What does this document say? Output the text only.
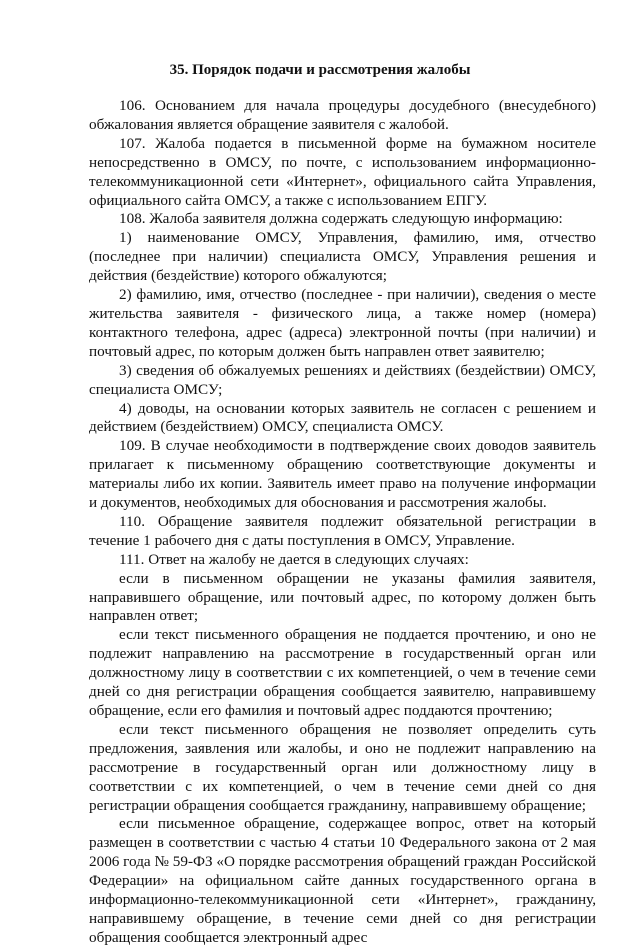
35. Порядок подачи и рассмотрения жалобы

106. Основанием для начала процедуры досудебного (внесудебного) обжалования является обращение заявителя с жалобой.

107. Жалоба подается в письменной форме на бумажном носителе непосредственно в ОМСУ, по почте, с использованием информационно-телекоммуникационной сети «Интернет», официального сайта Управления, официального сайта ОМСУ, а также с использованием ЕПГУ.

108. Жалоба заявителя должна содержать следующую информацию:

1) наименование ОМСУ, Управления, фамилию, имя, отчество (последнее при наличии) специалиста ОМСУ, Управления решения и действия (бездействие) которого обжалуются;

2) фамилию, имя, отчество (последнее - при наличии), сведения о месте жительства заявителя - физического лица, а также номер (номера) контактного телефона, адрес (адреса) электронной почты (при наличии) и почтовый адрес, по которым должен быть направлен ответ заявителю;

3) сведения об обжалуемых решениях и действиях (бездействии) ОМСУ, специалиста ОМСУ;

4) доводы, на основании которых заявитель не согласен с решением и действием (бездействием) ОМСУ, специалиста ОМСУ.

109. В случае необходимости в подтверждение своих доводов заявитель прилагает к письменному обращению соответствующие документы и материалы либо их копии. Заявитель имеет право на получение информации и документов, необходимых для обоснования и рассмотрения жалобы.

110. Обращение заявителя подлежит обязательной регистрации в течение 1 рабочего дня с даты поступления в ОМСУ, Управление.

111. Ответ на жалобу не дается в следующих случаях:

если в письменном обращении не указаны фамилия заявителя, направившего обращение, или почтовый адрес, по которому должен быть направлен ответ;

если текст письменного обращения не поддается прочтению, и оно не подлежит направлению на рассмотрение в государственный орган или должностному лицу в соответствии с их компетенцией, о чем в течение семи дней со дня регистрации обращения сообщается заявителю, направившему обращение, если его фамилия и почтовый адрес поддаются прочтению;

если текст письменного обращения не позволяет определить суть предложения, заявления или жалобы, и оно не подлежит направлению на рассмотрение в государственный орган или должностному лицу в соответствии с их компетенцией, о чем в течение семи дней со дня регистрации обращения сообщается гражданину, направившему обращение;

если письменное обращение, содержащее вопрос, ответ на который размещен в соответствии с частью 4 статьи 10 Федерального закона от 2 мая 2006 года № 59-ФЗ «О порядке рассмотрения обращений граждан Российской Федерации» на официальном сайте данных государственного органа в информационно-телекоммуникационной сети «Интернет», гражданину, направившему обращение, в течение семи дней со дня регистрации обращения сообщается электронный адрес
